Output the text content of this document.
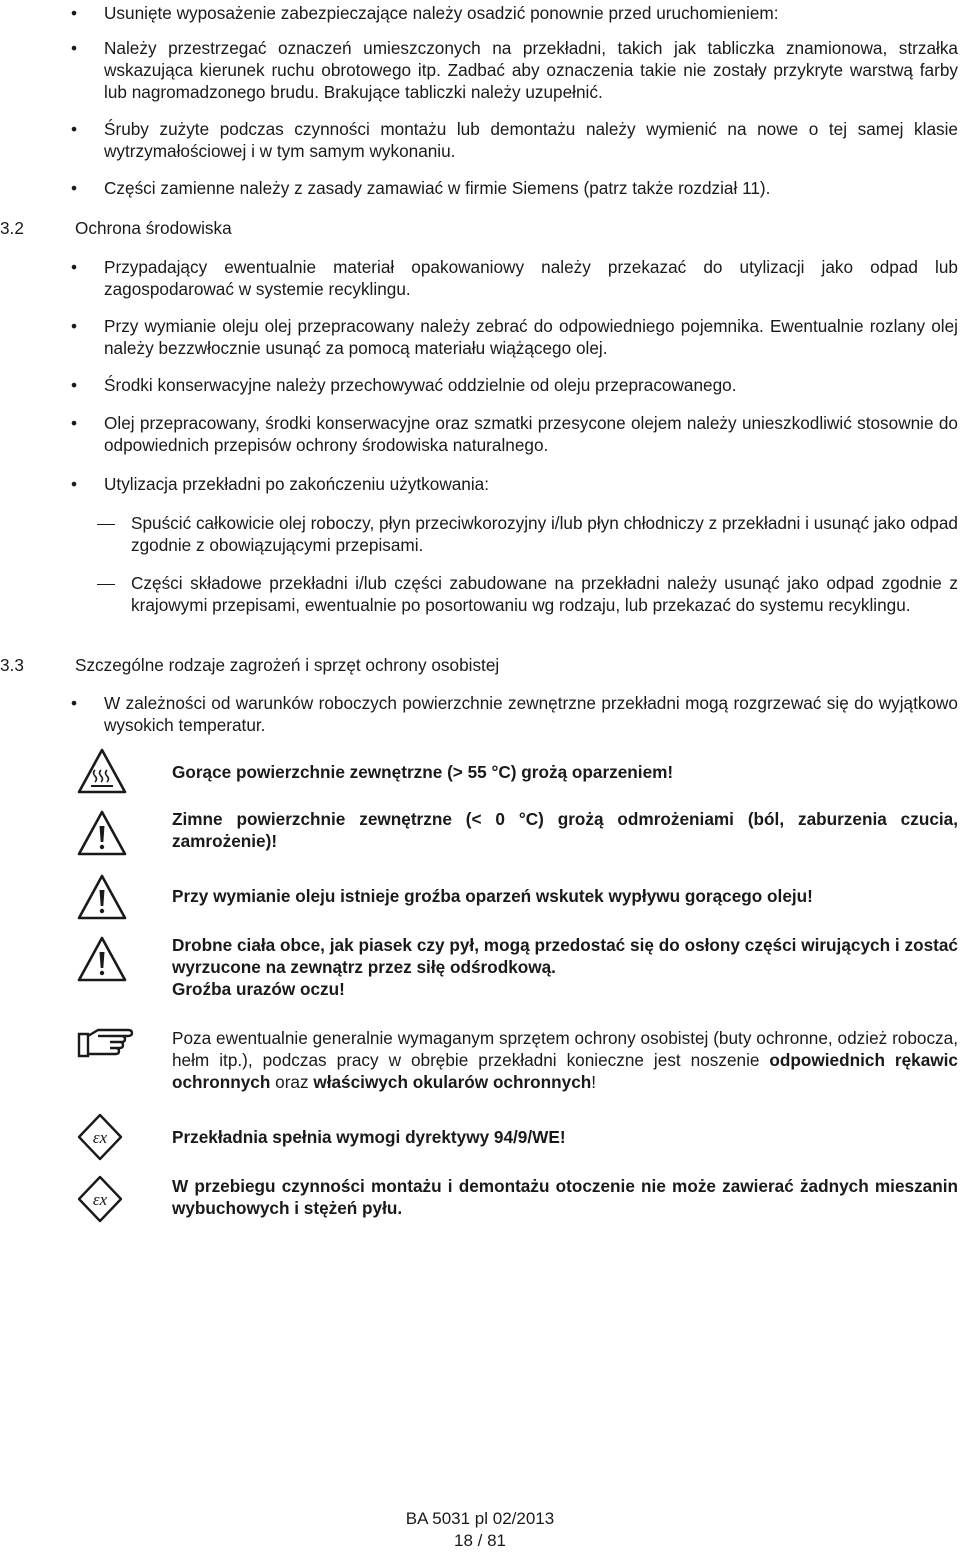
• Usunięte wyposażenie zabezpieczające należy osadzić ponownie przed uruchomieniem:
• Należy przestrzegać oznaczeń umieszczonych na przekładni, takich jak tabliczka znamionowa, strzałka wskazująca kierunek ruchu obrotowego itp. Zadbać aby oznaczenia takie nie zostały przykryte warstwą farby lub nagromadzonego brudu. Brakujące tabliczki należy uzupełnić.
• Śruby zużyte podczas czynności montażu lub demontażu należy wymienić na nowe o tej samej klasie wytrzymałościowej i w tym samym wykonaniu.
• Części zamienne należy z zasady zamawiać w firmie Siemens (patrz także rozdział 11).
3.2	Ochrona środowiska
• Przypadający ewentualnie materiał opakowaniowy należy przekazać do utylizacji jako odpad lub zagospodarować w systemie recyklingu.
• Przy wymianie oleju olej przepracowany należy zebrać do odpowiedniego pojemnika. Ewentualnie rozlany olej należy bezzwłocznie usunąć za pomocą materiału wiążącego olej.
• Środki konserwacyjne należy przechowywać oddzielnie od oleju przepracowanego.
• Olej przepracowany, środki konserwacyjne oraz szmatki przesycone olejem należy unieszkodliwić stosownie do odpowiednich przepisów ochrony środowiska naturalnego.
• Utylizacja przekładni po zakończeniu użytkowania:
Spuścić całkowicie olej roboczy, płyn przeciwkorozyjny i/lub płyn chłodniczy z przekładni i usunąć jako odpad zgodnie z obowiązującymi przepisami.
Części składowe przekładni i/lub części zabudowane na przekładni należy usunąć jako odpad zgodnie z krajowymi przepisami, ewentualnie po posortowaniu wg rodzaju, lub przekazać do systemu recyklingu.
3.3	Szczególne rodzaje zagrożeń i sprzęt ochrony osobistej
• W zależności od warunków roboczych powierzchnie zewnętrzne przekładni mogą rozgrzewać się do wyjątkowo wysokich temperatur.
Gorące powierzchnie zewnętrzne (> 55 °C) grożą oparzeniem!
Zimne powierzchnie zewnętrzne (< 0 °C) grożą odmrożeniami (ból, zaburzenia czucia, zamrożenie)!
Przy wymianie oleju istnieje groźba oparzeń wskutek wypływu gorącego oleju!
Drobne ciała obce, jak piasek czy pył, mogą przedostać się do osłony części wirujących i zostać wyrzucone na zewnątrz przez siłę odśrodkową.
Groźba urazów oczu!
Poza ewentualnie generalnie wymaganym sprzętem ochrony osobistej (buty ochronne, odzież robocza, hełm itp.), podczas pracy w obrębie przekładni konieczne jest noszenie odpowiednich rękawic ochronnych oraz właściwych okularów ochronnych!
εx	Przekładnia spełnia wymogi dyrektywy 94/9/WE!
εx
W przebiegu czynności montażu i demontażu otoczenie nie może zawierać żadnych mieszanin wybuchowych i stężeń pyłu.
BA 5031 pl 02/2013
18 / 81
